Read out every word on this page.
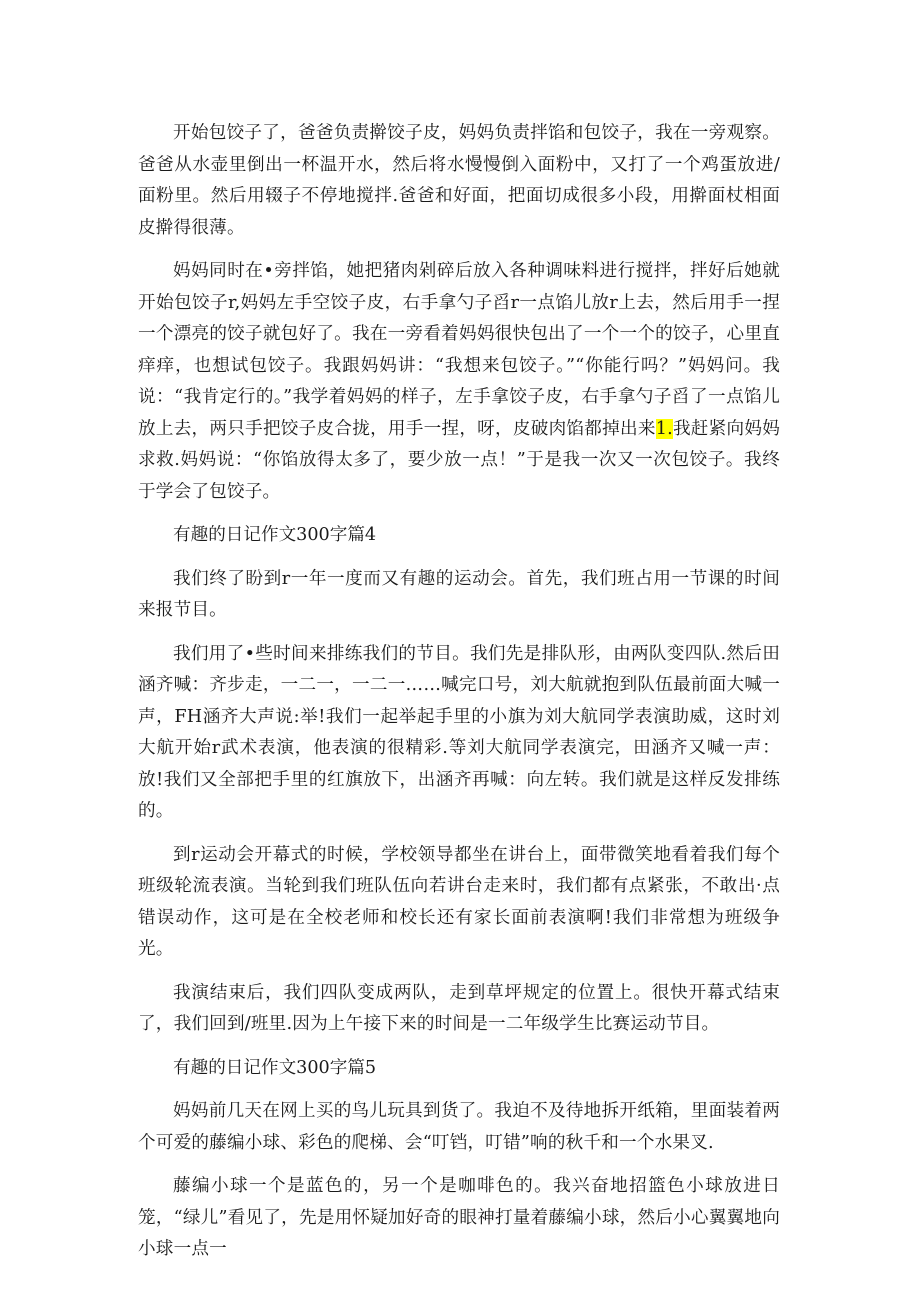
开始包饺子了，爸爸负责擀饺子皮，妈妈负责拌馅和包饺子，我在一旁观察。爸爸从水壶里倒出一杯温开水，然后将水慢慢倒入面粉中，又打了一个鸡蛋放进/面粉里。然后用辍子不停地搅拌.爸爸和好面，把面切成很多小段，用擀面杖相面皮擀得很薄。

妈妈同时在•旁拌馅，她把猪肉剁碎后放入各种调味料进行搅拌，拌好后她就开始包饺子r,妈妈左手空饺子皮，右手拿勺子舀r一点馅儿放r上去，然后用手一捏一个漂亮的饺子就包好了。我在一旁看着妈妈很快包出了一个一个的饺子，心里直痒痒，也想试包饺子。我跟妈妈讲：“我想来包饺子。”“你能行吗？”妈妈问。我说：“我肯定行的。”我学着妈妈的样子，左手拿饺子皮，右手拿勺子舀了一点馅儿放上去，两只手把饺子皮合拢，用手一捏，呀，皮破肉馅都掉出来1.我赶紧向妈妈求救.妈妈说：“你馅放得太多了，要少放一点！”于是我一次又一次包饺子。我终于学会了包饺子。

有趣的日记作文300字篇4

我们终了盼到r一年一度而又有趣的运动会。首先，我们班占用一节课的时间来报节目。

我们用了•些时间来排练我们的节目。我们先是排队形，由两队变四队.然后田涵齐喊：齐步走，一二一，一二一……喊完口号，刘大航就抱到队伍最前面大喊一声，FH涵齐大声说:举!我们一起举起手里的小旗为刘大航同学表演助威，这时刘大航开始r武术表演，他表演的很精彩.等刘大航同学表演完，田涵齐又喊一声：放!我们又全部把手里的红旗放下，出涵齐再喊：向左转。我们就是这样反发排练的。

到r运动会开幕式的时候，学校领导都坐在讲台上，面带微笑地看着我们每个班级轮流表演。当轮到我们班队伍向若讲台走来时，我们都有点紧张，不敢出·点错误动作，这可是在全校老师和校长还有家长面前表演啊!我们非常想为班级争光。

我演结束后，我们四队变成两队，走到草坪规定的位置上。很快开幕式结束了，我们回到/班里.因为上午接下来的时间是一二年级学生比赛运动节目。

有趣的日记作文300字篇5

妈妈前几天在网上买的鸟儿玩具到货了。我迫不及待地拆开纸箱，里面装着两个可爱的藤编小球、彩色的爬梯、会“叮铛，叮错”响的秋千和一个水果叉.

藤编小球一个是蓝色的，另一个是咖啡色的。我兴奋地招篮色小球放进日笼，“绿儿”看见了，先是用怀疑加好奇的眼神打量着藤编小球，然后小心翼翼地向小球一点一
